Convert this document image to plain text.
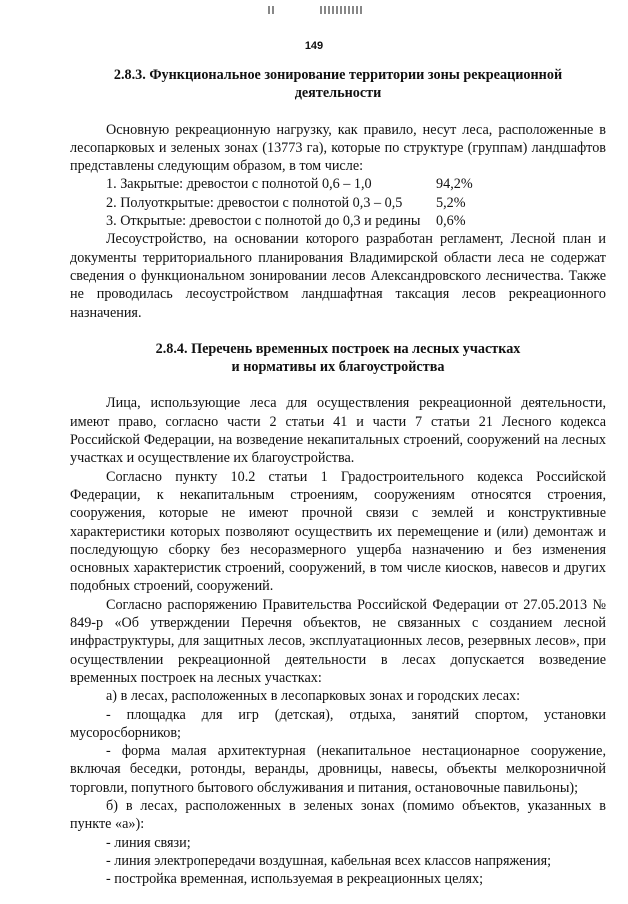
149
2.8.3. Функциональное зонирование территории зоны рекреационной
деятельности

Основную рекреационную нагрузку, как правило, несут леса, расположенные в лесопарковых и зеленых зонах (13773 га), которые по структуре (группам) ландшафтов представлены следующим образом, в том числе:

1. Закрытые: древостои с полнотой 0,6 – 1,0	94,2%
2. Полуоткрытые: древостои с полнотой 0,3 – 0,5	5,2%
3. Открытые: древостои с полнотой до 0,3 и редины	0,6%

Лесоустройство, на основании которого разработан регламент, Лесной план и документы территориального планирования Владимирской области леса не содержат сведения о функциональном зонировании лесов Александровского лесничества. Также не проводилась лесоустройством ландшафтная таксация лесов рекреационного назначения.

2.8.4. Перечень временных построек на лесных участках
и нормативы их благоустройства

Лица, использующие леса для осуществления рекреационной деятельности, имеют право, согласно части 2 статьи 41 и части 7 статьи 21 Лесного кодекса Российской Федерации, на возведение некапитальных строений, сооружений на лесных участках и осуществление их благоустройства.

Согласно пункту 10.2 статьи 1 Градостроительного кодекса Российской Федерации, к некапитальным строениям, сооружениям относятся строения, сооружения, которые не имеют прочной связи с землей и конструктивные характеристики которых позволяют осуществить их перемещение и (или) демонтаж и последующую сборку без несоразмерного ущерба назначению и без изменения основных характеристик строений, сооружений, в том числе киосков, навесов и других подобных строений, сооружений.

Согласно распоряжению Правительства Российской Федерации от 27.05.2013 № 849-р «Об утверждении Перечня объектов, не связанных с созданием лесной инфраструктуры, для защитных лесов, эксплуатационных лесов, резервных лесов», при осуществлении рекреационной деятельности в лесах допускается возведение временных построек на лесных участках:

а) в лесах, расположенных в лесопарковых зонах и городских лесах:

- площадка для игр (детская), отдыха, занятий спортом, установки мусоросборников;

- форма малая архитектурная (некапитальное нестационарное сооружение, включая беседки, ротонды, веранды, дровницы, навесы, объекты мелкорозничной торговли, попутного бытового обслуживания и питания, остановочные павильоны);

б) в лесах, расположенных в зеленых зонах (помимо объектов, указанных в пункте «а»):

- линия связи;

- линия электропередачи воздушная, кабельная всех классов напряжения;

- постройка временная, используемая в рекреационных целях;
